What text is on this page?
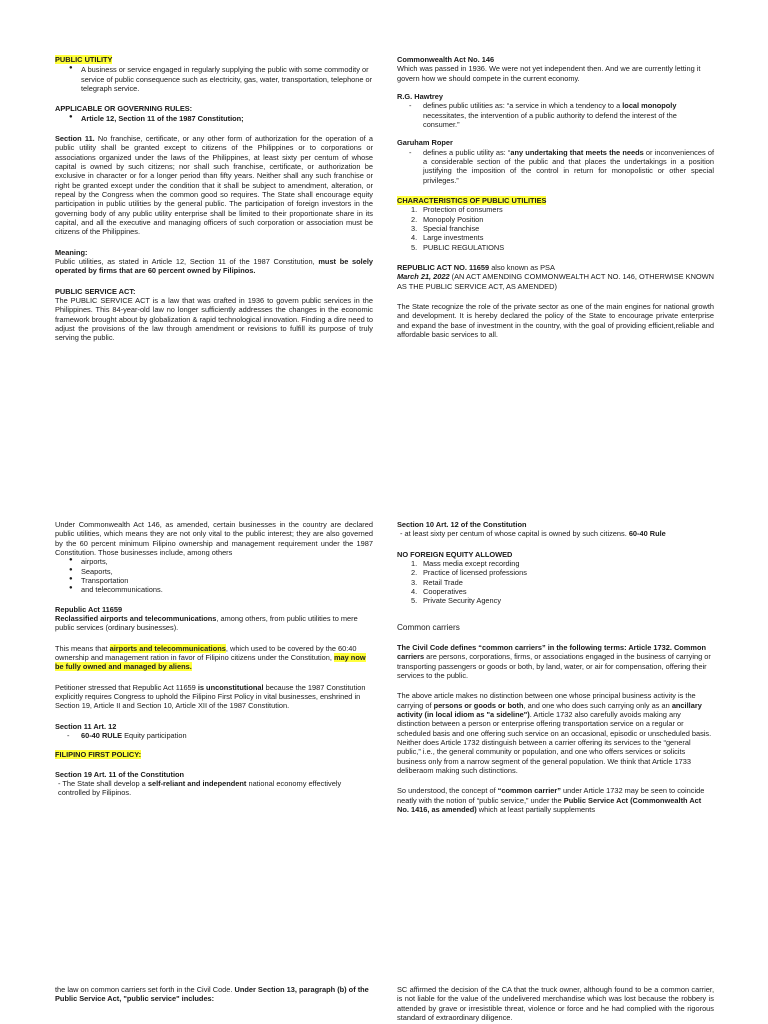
PUBLIC UTILITY

● A business or service engaged in regularly supplying the public with some commodity or service of public consequence such as electricity, gas, water, transportation, telephone or telegraph service.

APPLICABLE OR GOVERNING RULES:

● Article 12, Section 11 of the 1987 Constitution;

Section 11. No franchise, certificate, or any other form of authorization for the operation of a public utility shall be granted except to citizens of the Philippines or to corporations or associations organized under the laws of the Philippines, at least sixty per centum of whose capital is owned by such citizens; nor shall such franchise, certificate, or authorization be exclusive in character or for a longer period than fifty years. Neither shall any such franchise or right be granted except under the condition that it shall be subject to amendment, alteration, or repeal by the Congress when the common good so requires. The State shall encourage equity participation in public utilities by the general public. The participation of foreign investors in the governing body of any public utility enterprise shall be limited to their proportionate share in its capital, and all the executive and managing officers of such corporation or association must be citizens of the Philippines.

Meaning:

Public utilities, as stated in Article 12, Section 11 of the 1987 Constitution, must be solely operated by firms that are 60 percent owned by Filipinos.

PUBLIC SERVICE ACT:

The PUBLIC SERVICE ACT is a law that was crafted in 1936 to govern public services in the Philippines. This 84-year-old law no longer sufficiently addresses the changes in the economic framework brought about by globalization & rapid technological innovation. Finding a dire need to adjust the provisions of the law through amendment or revisions to fulfill its purpose of truly serving the public.

Commonwealth Act No. 146

Which was passed in 1936. We were not yet independent then. And we are currently letting it govern how we should compete in the current economy.

R.G. Hawtrey

- defines public utilities as: “a service in which a tendency to a local monopoly necessitates, the intervention of a public authority to defend the interest of the consumer.”

Garuham Roper

- defines a public utility as: “any undertaking that meets the needs or inconveniences of a considerable section of the public and that places the undertakings in a position justifying the imposition of the control in return for monopolistic or other special privileges.”

CHARACTERISTICS OF PUBLIC UTILITIES

1. Protection of consumers
2. Monopoly Position
3. Special franchise
4. Large investments
5. PUBLIC REGULATIONS

REPUBLIC ACT NO. 11659 also known as PSA

March 21, 2022 (AN ACT AMENDING COMMONWEALTH ACT NO. 146, OTHERWISE KNOWN AS THE PUBLIC SERVICE ACT, AS AMENDED)

The State recognize the role of the private sector as one of the main engines for national growth and development. It is hereby declared the policy of the State to encourage private enterprise and expand the base of investment in the country, with the goal of providing efficient,reliable and affordable basic services to all.

Under Commonwealth Act 146, as amended, certain businesses in the country are declared public utilities, which means they are not only vital to the public interest; they are also governed by the 60 percent minimum Filipino ownership and management requirement under the 1987 Constitution. Those businesses include, among others

● airports,
● Seaports,
● Transportation
● and telecommunications.

Republic Act 11659

Reclassified airports and telecommunications, among others, from public utilities to mere public services (ordinary businesses).

This means that airports and telecommunications, which used to be covered by the 60:40 ownership and management ration in favor of Filipino citizens under the Constitution, may now be fully owned and managed by aliens.

Petitioner stressed that Republic Act 11659 is unconstitutional because the 1987 Constitution explicitly requires Congress to uphold the Filipino First Policy in vital businesses, enshrined in Section 19, Article II and Section 10, Article XII of the 1987 Constitution.

Section 11 Art. 12

- 60-40 RULE Equity participation

FILIPINO FIRST POLICY:

Section 19 Art. 11 of the Constitution

- The State shall develop a self-reliant and independent national economy effectively controlled by Filipinos.

Section 10 Art. 12 of the Constitution

- at least sixty per centum of whose capital is owned by such citizens. 60-40 Rule

NO FOREIGN EQUITY ALLOWED

1. Mass media except recording
2. Practice of licensed professions
3. Retail Trade
4. Cooperatives
5. Private Security Agency

Common carriers

The Civil Code defines “common carriers” in the following terms: Article 1732. Common carriers are persons, corporations, firms, or associations engaged in the business of carrying or transporting passengers or goods or both, by land, water, or air for compensation, offering their services to the public.

The above article makes no distinction between one whose principal business activity is the carrying of persons or goods or both, and one who does such carrying only as an ancillary activity (in local idiom as "a sideline"). Article 1732 also carefully avoids making any distinction between a person or enterprise offering transportation service on a regular or scheduled basis and one offering such service on an occasional, episodic or unscheduled basis. Neither does Article 1732 distinguish between a carrier offering its services to the “general public,” i.e., the general community or population, and one who offers services or solicits business only from a narrow segment of the general population. We think that Article 1733 deliberaom making such distinctions.

So understood, the concept of “common carrier” under Article 1732 may be seen to coincide neatly with the notion of “public service,” under the Public Service Act (Commonwealth Act No. 1416, as amended) which at least partially supplements

the law on common carriers set forth in the Civil Code. Under Section 13, paragraph (b) of the Public Service Act, "public service" includes:

SC affirmed the decision of the CA that the truck owner, although found to be a common carrier, is not liable for the value of the undelivered merchandise which was lost because the robbery is attended by grave or irresistible threat, violence or force and he had complied with the rigorous standard of extraordinary diligence.
